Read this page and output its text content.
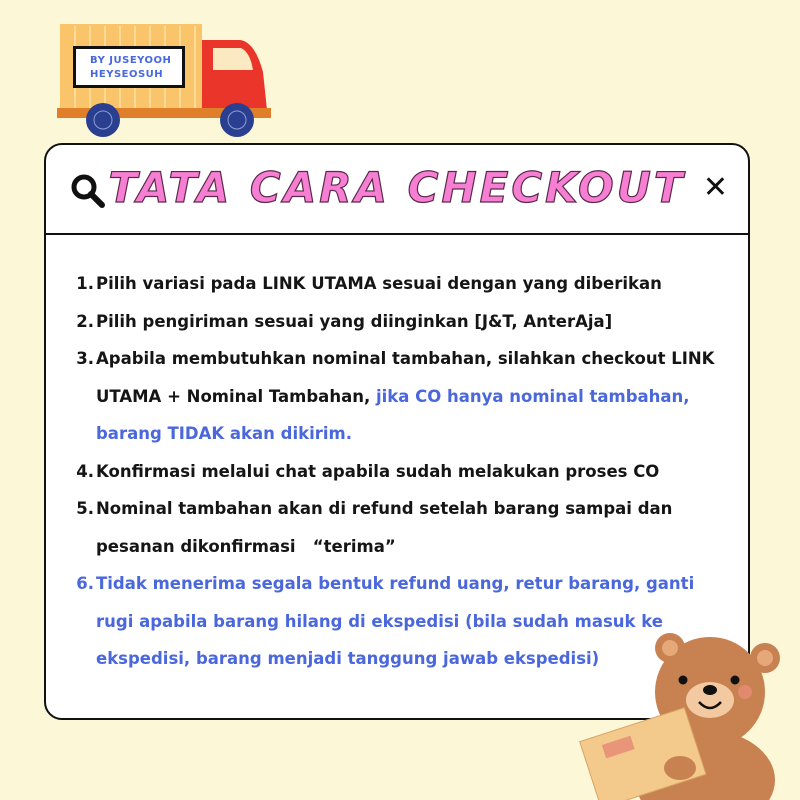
BY JUSEYOOH
HEYSEOSUH
TATA CARA CHECKOUT ✕
1. Pilih variasi pada LINK UTAMA sesuai dengan yang diberikan
2. Pilih pengiriman sesuai yang diinginkan [J&T, AnterAja]
3. Apabila membutuhkan nominal tambahan, silahkan checkout LINK UTAMA + Nominal Tambahan, jika CO hanya nominal tambahan, barang TIDAK akan dikirim.
4. Konfirmasi melalui chat apabila sudah melakukan proses CO
5. Nominal tambahan akan di refund setelah barang sampai dan pesanan dikonfirmasi   “terima”
6. Tidak menerima segala bentuk refund uang, retur barang, ganti rugi apabila barang hilang di ekspedisi (bila sudah masuk ke ekspedisi, barang menjadi tanggung jawab ekspedisi)
